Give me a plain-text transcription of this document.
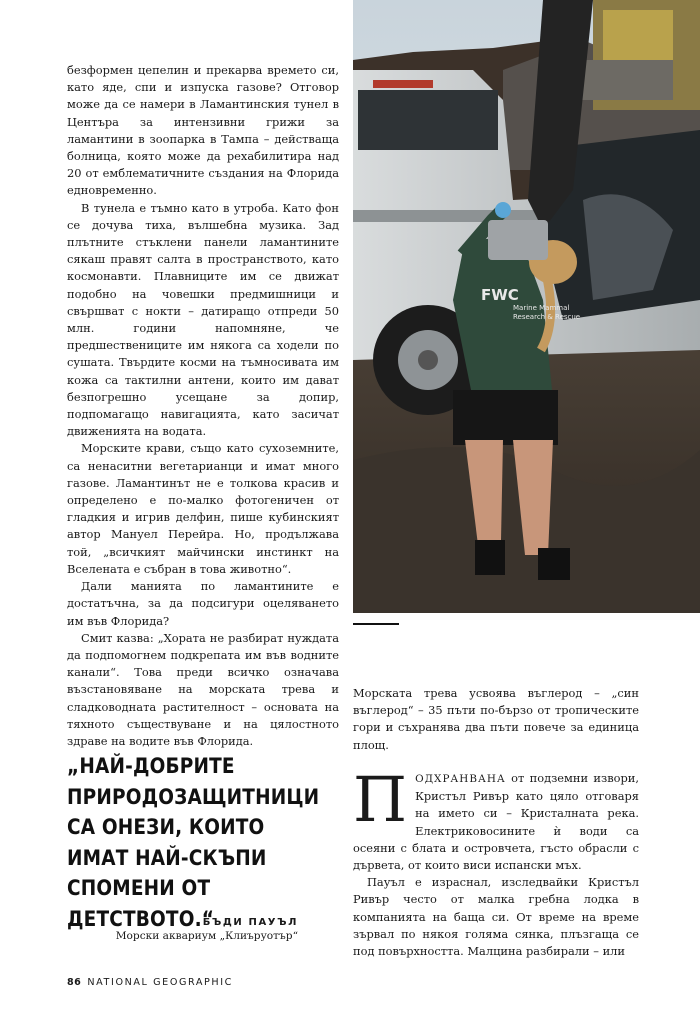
безформен цепелин и прекарва времето си, като яде, спи и изпуска газове? Отговор може да се намери в Ламантинския тунел в Центъра за интензивни грижи за ламантини в зоопарка в Тампа – действаща болница, която може да рехабилитира над 20 от емблематичните създания на Флорида едновременно.

В тунела е тъмно като в утроба. Като фон се дочува тиха, вълшебна музика. Зад плътните стъклени панели ламантините сякаш правят салта в пространството, като космонавти. Плавниците им се движат подобно на човешки предмишници и свършват с нокти – датиращо отпреди 50 млн. години напомняне, че предшествениците им някога са ходели по сушата. Твърдите косми на тъмносивата им кожа са тактилни антени, които им дават безпогрешно усещане за допир, подпомагащо навигацията, като засичат движенията на водата.

Морските крави, също като сухоземните, са ненаситни вегетарианци и имат много газове. Ламантинът не е толкова красив и определено е по-малко фотогеничен от гладкия и игрив делфин, пише кубинският автор Мануел Перейра. Но, продължава той, „всичкият майчински инстинкт на Вселената е събран в това животно“.

Дали манията по ламантините е достатъчна, за да подсигури оцеляването им във Флорида?

Смит казва: „Хората не разбират нуждата да подпомогнем подкрепата им във водните канали“. Това преди всичко означава възстановяване на морската трева и сладководната растителност – основата на тяхното съществуване и на цялостното здраве на водите във Флорида.

FWC
Marine Mammal
Research & Rescue

Морската трева усвоява въглерод – „син въглерод“ – 35 пъти по-бързо от тропическите гори и съхранява два пъти повече за единица площ.

ПОДХРАНВАНА от подземни извори, Кристъл Ривър като цяло отговаря на името си – Кристалната река. Електриковосините ѝ води са осеяни с блата и островчета, гъсто обрасли с дървета, от които виси испански мъх.

Пауъл е израснал, изследвайки Кристъл Ривър често от малка гребна лодка в компанията на баща си. От време на време зървал по някоя голяма сянка, плъзгаща се под повърхността. Малцина разбирали – или

„НАЙ-ДОБРИТЕ ПРИРОДОЗАЩИТНИЦИ СА ОНЕЗИ, КОИТО ИМАТ НАЙ-СКЪПИ СПОМЕНИ ОТ ДЕТСТВОТО.“

БЪДИ ПАУЪЛ
Морски аквариум „Клиъруотър“
86 NATIONAL GEOGRAPHIC
